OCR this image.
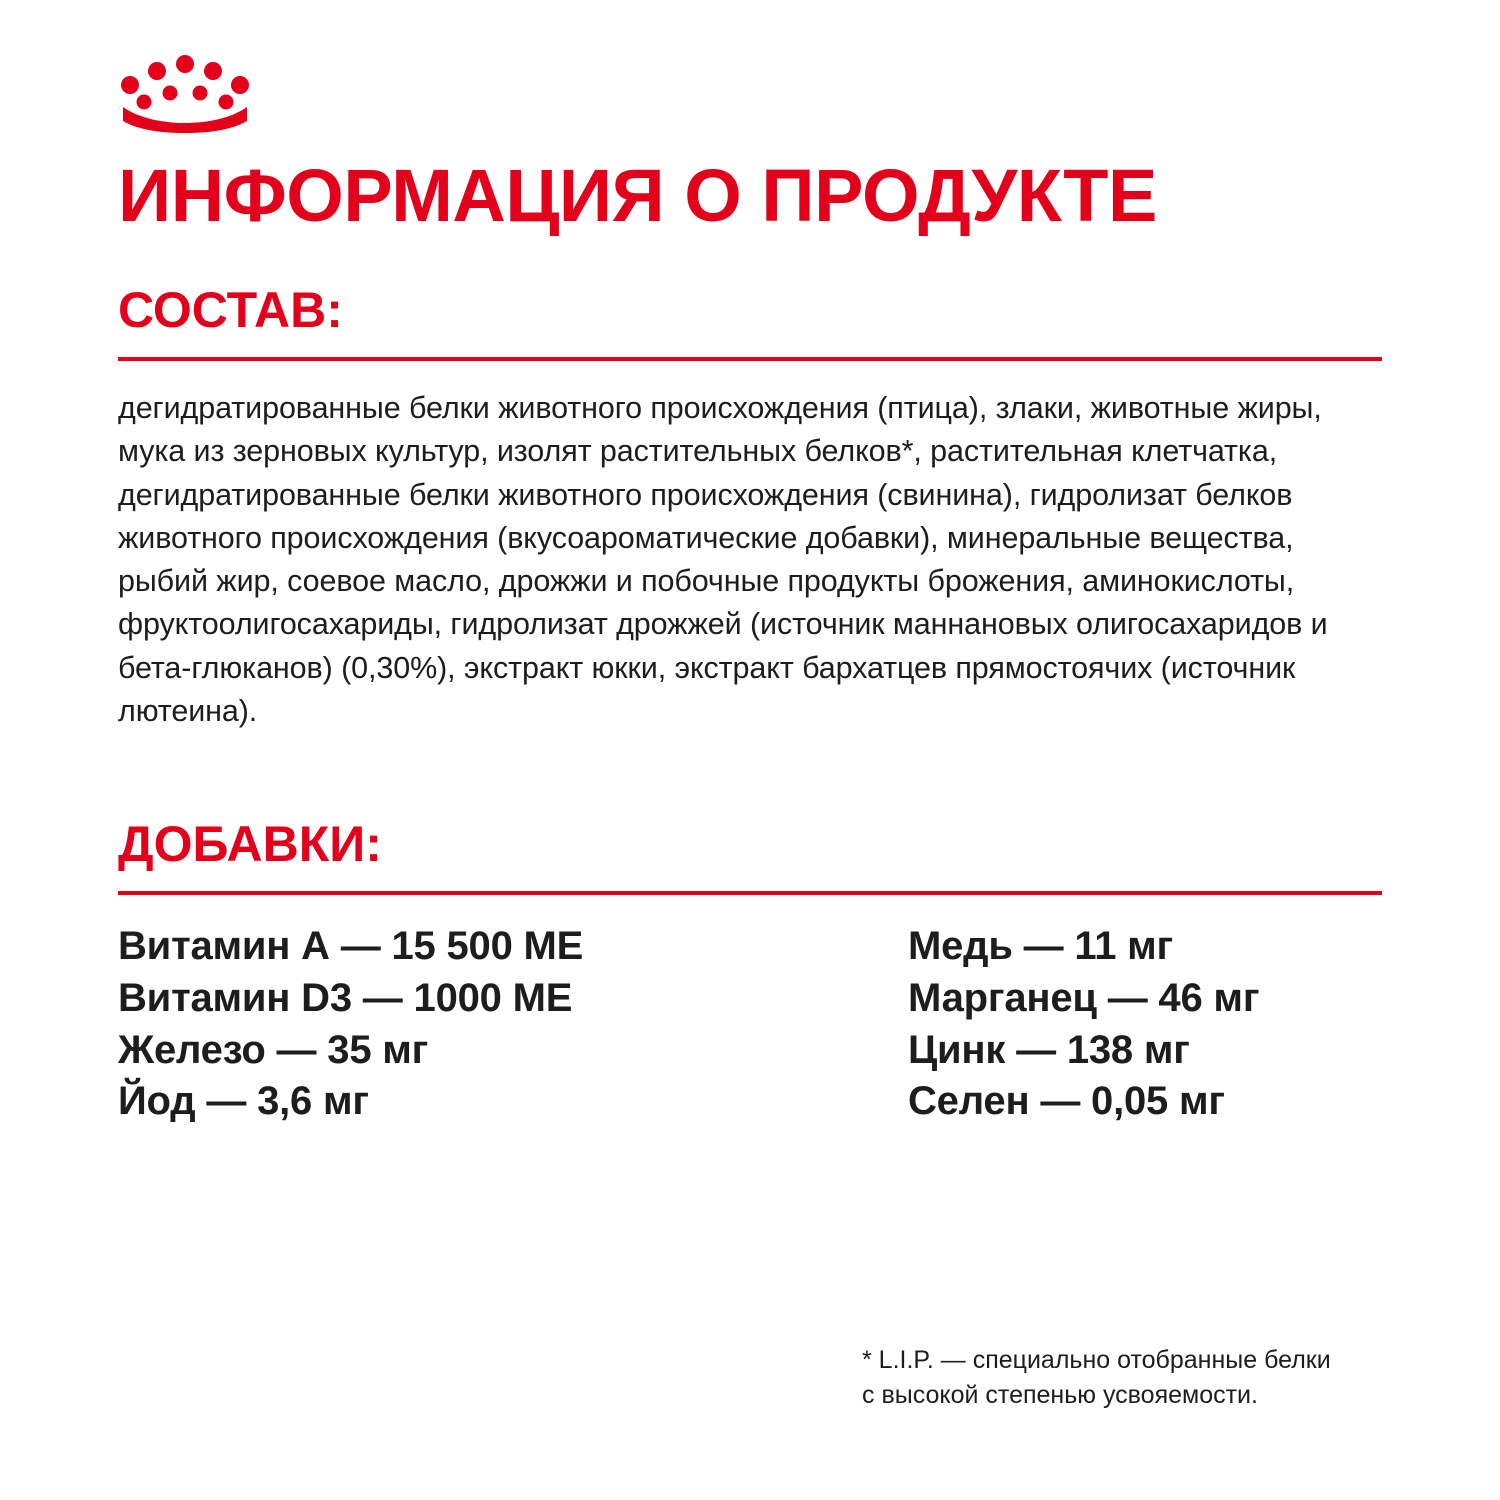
ИНФОРМАЦИЯ О ПРОДУКТЕ
СОСТАВ:

дегидратированные белки животного происхождения (птица), злаки, животные жиры, мука из зерновых культур, изолят растительных белков*, растительная клетчатка, дегидратированные белки животного происхождения (свинина), гидролизат белков животного происхождения (вкусоароматические добавки), минеральные вещества, рыбий жир, соевое масло, дрожжи и побочные продукты брожения, аминокислоты, фруктоолигосахариды, гидролизат дрожжей (источник маннановых олигосахаридов и бета-глюканов) (0,30%), экстракт юкки, экстракт бархатцев прямостоячих (источник лютеина).

ДОБАВКИ:
Витамин А — 15 500 МЕ
Витамин D3 — 1000 МЕ
Железо — 35 мг
Йод — 3,6 мг
Медь — 11 мг
Марганец — 46 мг
Цинк — 138 мг
Селен — 0,05 мг
* L.I.P. — специально отобранные белки
с высокой степенью усвояемости.
